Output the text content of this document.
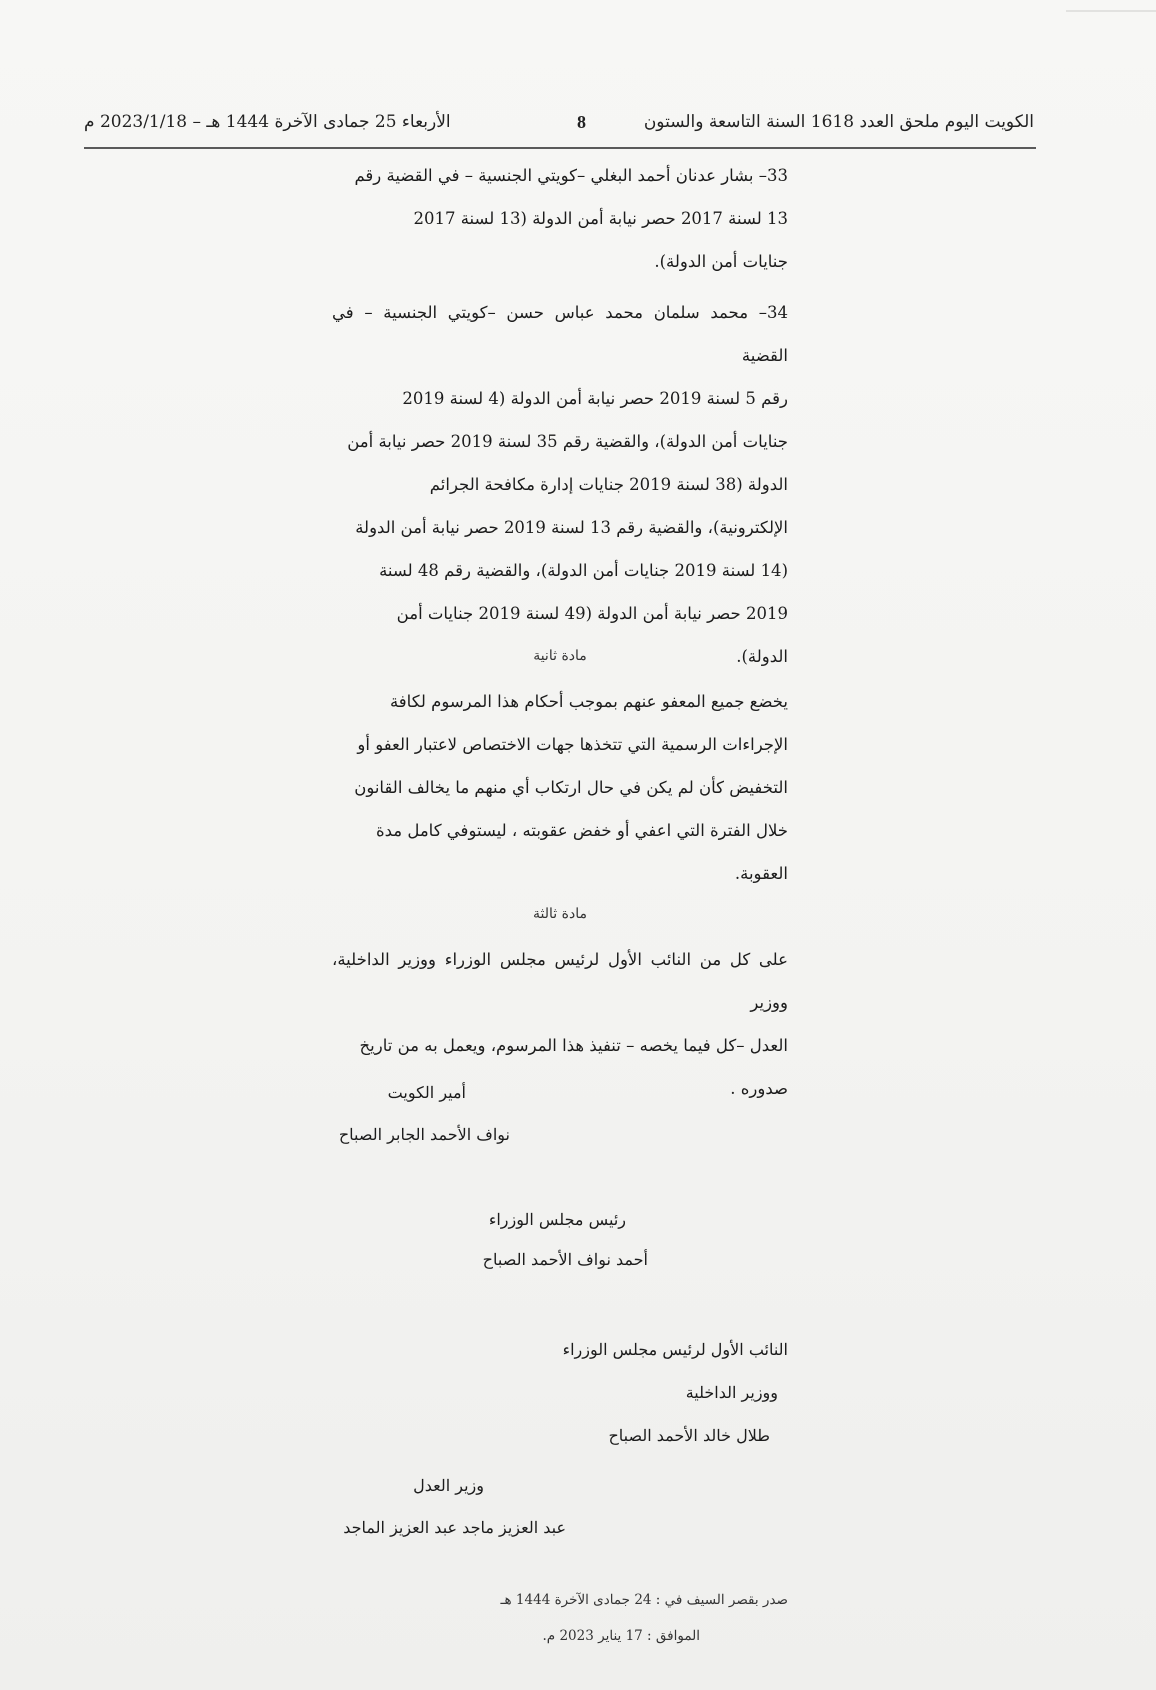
الكويت اليوم ملحق العدد 1618 السنة التاسعة والستون
8
الأربعاء 25 جمادى الآخرة 1444 هـ – 2023/1/18 م

33– بشار عدنان أحمد البغلي –كويتي الجنسية – في القضية رقم

13 لسنة 2017 حصر نيابة أمن الدولة (13 لسنة 2017

جنايات أمن الدولة).

34– محمد سلمان محمد عباس حسن –كويتي الجنسية – في القضية

رقم 5 لسنة 2019 حصر نيابة أمن الدولة (4 لسنة 2019

جنايات أمن الدولة)، والقضية رقم 35 لسنة 2019 حصر نيابة أمن

الدولة (38 لسنة 2019 جنايات إدارة مكافحة الجرائم

الإلكترونية)، والقضية رقم 13 لسنة 2019 حصر نيابة أمن الدولة

(14 لسنة 2019 جنايات أمن الدولة)، والقضية رقم 48 لسنة

2019 حصر نيابة أمن الدولة (49 لسنة 2019 جنايات أمن

الدولة).

مادة ثانية

يخضع جميع المعفو عنهم بموجب أحكام هذا المرسوم لكافة

الإجراءات الرسمية التي تتخذها جهات الاختصاص لاعتبار العفو أو

التخفيض كأن لم يكن في حال ارتكاب أي منهم ما يخالف القانون

خلال الفترة التي اعفي أو خفض عقوبته ، ليستوفي كامل مدة

العقوبة.

مادة ثالثة

على كل من النائب الأول لرئيس مجلس الوزراء ووزير الداخلية، ووزير

العدل –كل فيما يخصه – تنفيذ هذا المرسوم، ويعمل به من تاريخ

صدوره .

أمير الكويت
نواف الأحمد الجابر الصباح
رئيس مجلس الوزراء
أحمد نواف الأحمد الصباح
النائب الأول لرئيس مجلس الوزراء
ووزير الداخلية
طلال خالد الأحمد الصباح
وزير العدل
عبد العزيز ماجد عبد العزيز الماجد
صدر بقصر السيف في : 24 جمادى الآخرة 1444 هـ
الموافق : 17 يناير 2023 م.
